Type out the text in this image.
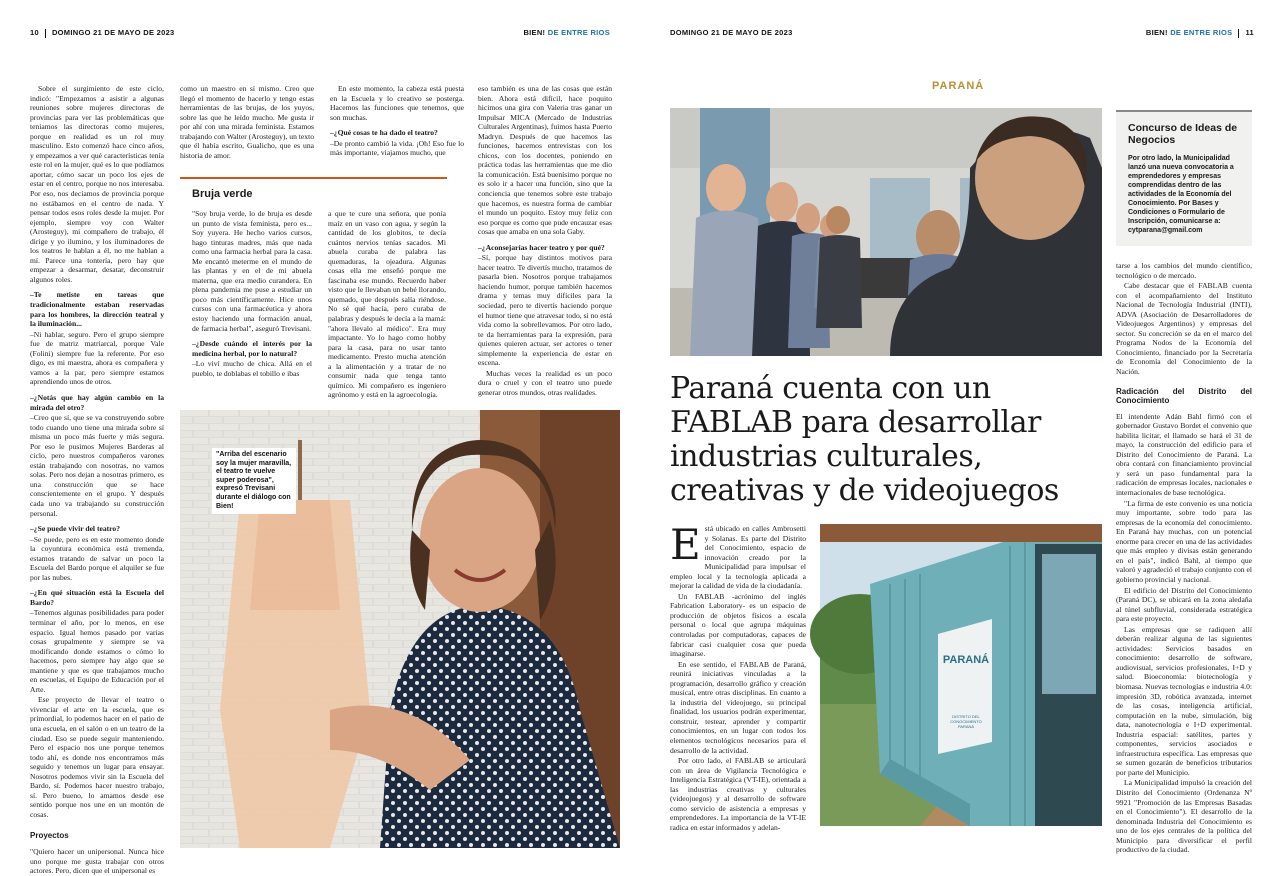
10 DOMINGO 21 DE MAYO DE 2023	BIEN! DE ENTRE RIOS

Sobre el surgimiento de este ciclo, indicó: "Empezamos a asistir a algunas reuniones sobre mujeres directoras de provincias para ver las problemáticas que teníamos las directoras como mujeres, porque en realidad es un rol muy masculino. Esto comenzó hace cinco años, y empezamos a ver qué características tenía este rol en la mujer, qué es lo que podíamos aportar, cómo sacar un poco los ejes de estar en el centro, porque no nos interesaba. Por eso, nos decíamos de provincia porque no estábamos en el centro de nada. Y pensar todos esos roles desde la mujer. Por ejemplo, siempre voy con Walter (Arosteguy), mi compañero de trabajo, él dirige y yo ilumino, y los iluminadores de los teatros le hablan a él, no me hablan a mí. Parece una tontería, pero hay que empezar a desarmar, desatar, deconstruir algunos roles.

–Te metiste en tareas que tradicionalmente estaban reservadas para los hombres, la dirección teatral y la iluminación...

–Ni hablar, seguro. Pero el grupo siempre fue de matriz matriarcal, porque Vale (Folini) siempre fue la referente. Por eso digo, es mi maestra, ahora es compañera y vamos a la par, pero siempre estamos aprendiendo unos de otros.

–¿Notás que hay algún cambio en la mirada del otro?

–Creo que sí, que se va construyendo sobre todo cuando uno tiene una mirada sobre sí misma un poco más fuerte y más segura. Por eso le pusimos Mujeres Barderas al ciclo, pero nuestros compañeros varones están trabajando con nosotras, no vamos solas. Pero nos dejan a nosotras primero, es una construcción que se hace conscientemente en el grupo. Y después cada uno va trabajando su construcción personal.

–¿Se puede vivir del teatro?

–Se puede, pero es en este momento donde la coyuntura económica está tremenda, estamos tratando de salvar un poco la Escuela del Bardo porque el alquiler se fue por las nubes.

–¿En qué situación está la Escuela del Bardo?

–Tenemos algunas posibilidades para poder terminar el año, por lo menos, en ese espacio. Igual hemos pasado por varias cosas grupalmente y siempre se va modificando donde estamos o cómo lo hacemos, pero siempre hay algo que se mantiene y que es que trabajamos mucho en escuelas, el Equipo de Educación por el Arte.

Ese proyecto de llevar el teatro o vivenciar el arte en la escuela, que es primordial, lo podemos hacer en el patio de una escuela, en el salón o en un teatro de la ciudad. Eso se puede seguir manteniendo. Pero el espacio nos une porque tenemos todo ahí, es donde nos encontramos más seguido y tenemos un lugar para ensayar. Nosotros podemos vivir sin la Escuela del Bardo, sí. Podemos hacer nuestro trabajo, sí. Pero bueno, lo amamos desde ese sentido porque nos une en un montón de cosas.

Proyectos

"Quiero hacer un unipersonal. Nunca hice uno porque me gusta trabajar con otros actores. Pero, dicen que el unipersonal es

como un maestro en sí mismo. Creo que llegó el momento de hacerlo y tengo estas herramientas de las brujas, de los yuyos, sobre las que he leído mucho. Me gusta ir por ahí con una mirada feminista. Estamos trabajando con Walter (Arosteguy), un texto que él había escrito, Gualicho, que es una historia de amor.

En este momento, la cabeza está puesta en la Escuela y lo creativo se posterga. Hacemos las funciones que tenemos, que son muchas.

–¿Qué cosas te ha dado el teatro?

–De pronto cambió la vida. ¡Oh! Eso fue lo más importante, viajamos mucho, que

eso también es una de las cosas que están bien. Ahora está difícil, hace poquito hicimos una gira con Valeria tras ganar un Impulsar MICA (Mercado de Industrias Culturales Argentinas), fuimos hasta Puerto Madryn. Después de que hacemos las funciones, hacemos entrevistas con los chicos, con los docentes, poniendo en práctica todas las herramientas que me dio la comunicación. Está buenísimo porque no es solo ir a hacer una función, sino que la conciencia que tenemos sobre este trabajo que hacemos, es nuestra forma de cambiar el mundo un poquito. Estoy muy feliz con eso porque es como que pude encauzar esas cosas que amaba en una sola Gaby.

–¿Aconsejarías hacer teatro y por qué?

–Sí, porque hay distintos motivos para hacer teatro. Te divertís mucho, tratamos de pasarla bien. Nosotros porque trabajamos haciendo humor, porque también hacemos drama y temas muy difíciles para la sociedad, pero te divertís haciendo porque el humor tiene que atravesar todo, si no está vida como la sobrellevamos. Por otro lado, te da herramientas para la expresión, para quienes quieren actuar, ser actores o tener simplemente la experiencia de estar en escena.

Muchas veces la realidad es un poco dura o cruel y con el teatro uno puede generar otros mundos, otras realidades.

Bruja verde

"Soy bruja verde, lo de bruja es desde un punto de vista feminista, pero es... Soy yuyera. He hecho varios cursos, hago tinturas madres, más que nada como una farmacia herbal para la casa. Me encantó meterme en el mundo de las plantas y en el de mi abuela materna, que era medio curandera. En plena pandemia me puse a estudiar un poco más científicamente. Hice unos cursos con una farmacéutica y ahora estoy haciendo una formación anual, de farmacia herbal", aseguró Trevisani.

–¿Desde cuándo el interés por la medicina herbal, por lo natural?

–Lo viví mucho de chica. Allá en el pueblo, te doblabas el tobillo e ibas

a que te cure una señora, que ponía maíz en un vaso con agua, y según la cantidad de los globitos, te decía cuántos nervios tenías sacados. Mi abuela curaba de palabra las quemaduras, la ojeadura. Algunas cosas ella me enseñó porque me fascinaba ese mundo. Recuerdo haber visto que le llevaban un bebé llorando, quemado, que después salía riéndose. No sé qué hacía, pero curaba de palabras y después le decía a la mamá: "ahora llevalo al médico". Era muy impactante. Yo lo hago como hobby para la casa, para no usar tanto medicamento. Presto mucha atención a la alimentación y a tratar de no consumir nada que tenga tanto químico. Mi compañero es ingeniero agrónomo y está en la agroecología.

"Arriba del escenario soy la mujer maravilla, el teatro te vuelve super poderosa", expresó Trevisani durante el diálogo con Bien!
DOMINGO 21 DE MAYO DE 2023	BIEN! DE ENTRE RIOS 11
PARANÁ
Concurso de Ideas de Negocios
Por otro lado, la Municipalidad lanzó una nueva convocatoria a emprendedores y empresas comprendidas dentro de las actividades de la Economía del Conocimiento. Por Bases y Condiciones o Formulario de Inscripción, comunicarse a: cytparana@gmail.com

tarse a los cambios del mundo científico, tecnológico o de mercado.

Cabe destacar que el FABLAB cuenta con el acompañamiento del Instituto Nacional de Tecnología Industrial (INTI), ADVA (Asociación de Desarrolladores de Videojuegos Argentinos) y empresas del sector. Su concreción se da en el marco del Programa Nodos de la Economía del Conocimiento, financiado por la Secretaría de Economía del Conocimiento de la Nación.

Radicación del Distrito del Conocimiento

El intendente Adán Bahl firmó con el gobernador Gustavo Bordet el convenio que habilita licitar, el llamado se hará el 31 de mayo, la construcción del edificio para el Distrito del Conocimiento de Paraná. La obra contará con financiamiento provincial y será un paso fundamental para la radicación de empresas locales, nacionales e internacionales de base tecnológica.

"La firma de este convenio es una noticia muy importante, sobre todo para las empresas de la economía del conocimiento. En Paraná hay muchas, con un potencial enorme para crecer en una de las actividades que más empleo y divisas están generando en el país", indicó Bahl, al tiempo que valoró y agradeció el trabajo conjunto con el gobierno provincial y nacional.

El edificio del Distrito del Conocimiento (Paraná DC), se ubicará en la zona aledaña al túnel subfluvial, considerada estratégica para este proyecto.

Las empresas que se radiquen allí deberán realizar alguna de las siguientes actividades: Servicios basados en conocimiento: desarrollo de software, audiovisual, servicios profesionales, I+D y salud. Bioeconomía: biotecnología y biomasa. Nuevas tecnologías e industria 4.0: impresión 3D, robótica avanzada, internet de las cosas, inteligencia artificial, computación en la nube, simulación, big data, nanotecnología e I+D experimental. Industria espacial: satélites, partes y componentes, servicios asociados e infraestructura específica. Las empresas que se sumen gozarán de beneficios tributarios por parte del Municipio.

La Municipalidad impulsó la creación del Distrito del Conocimiento (Ordenanza Nº 9921 "Promoción de las Empresas Basadas en el Conocimiento"). El desarrollo de la denominada Industria del Conocimiento es uno de los ejes centrales de la política del Municipio para diversificar el perfil productivo de la ciudad.

Paraná cuenta con un FABLAB para desarrollar industrias culturales, creativas y de videojuegos

Está ubicado en calles Ambrosetti y Solanas. Es parte del Distrito del Conocimiento, espacio de innovación creado por la Municipalidad para impulsar el empleo local y la tecnología aplicada a mejorar la calidad de vida de la ciudadanía.

Un FABLAB -acrónimo del inglés Fabrication Laboratory- es un espacio de producción de objetos físicos a escala personal o local que agrupa máquinas controladas por computadoras, capaces de fabricar casi cualquier cosa que pueda imaginarse.

En ese sentido, el FABLAB de Paraná, reunirá iniciativas vinculadas a la programación, desarrollo gráfico y creación musical, entre otras disciplinas. En cuanto a la industria del videojuego, su principal finalidad, los usuarios podrán experimentar, construir, testear, aprender y compartir conocimientos, en un lugar con todos los elementos tecnológicos necesarios para el desarrollo de la actividad.

Por otro lado, el FABLAB se articulará con un área de Vigilancia Tecnológica e Inteligencia Estratégica (VT-IE), orientada a las industrias creativas y culturales (videojuegos) y al desarrollo de software como servicio de asistencia a empresas y emprendedores. La importancia de la VT-IE radica en estar informados y adelan-

PARANÁ
DISTRITO DEL CONOCIMIENTO PARANÁ
